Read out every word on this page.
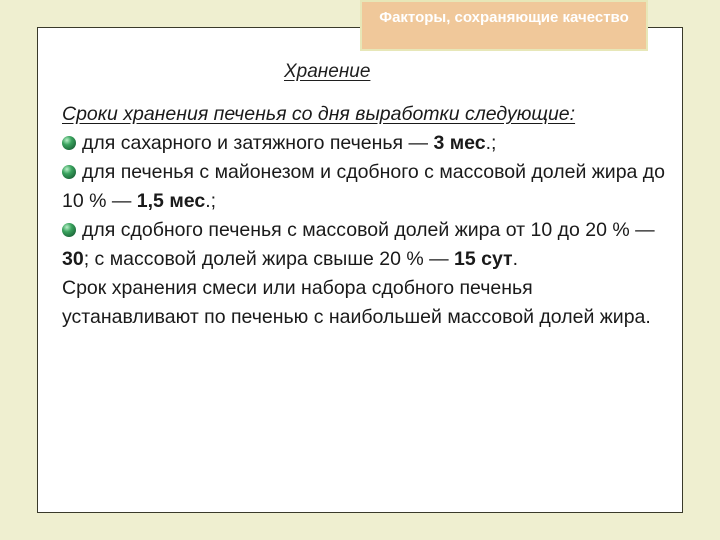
Факторы, сохраняющие качество
Хранение

Сроки хранения печенья со дня выработки следующие:

для сахарного и затяжного печенья — 3 мес.;

для печенья с майонезом и сдобного с массовой долей жира до 10 % — 1,5 мес.;

для сдобного печенья с массовой долей жира от 10 до 20 % — 30; с массовой долей жира свыше 20 % — 15 сут.

Срок хранения смеси или набора сдобного печенья устанавливают по печенью с наибольшей массовой долей жира.
